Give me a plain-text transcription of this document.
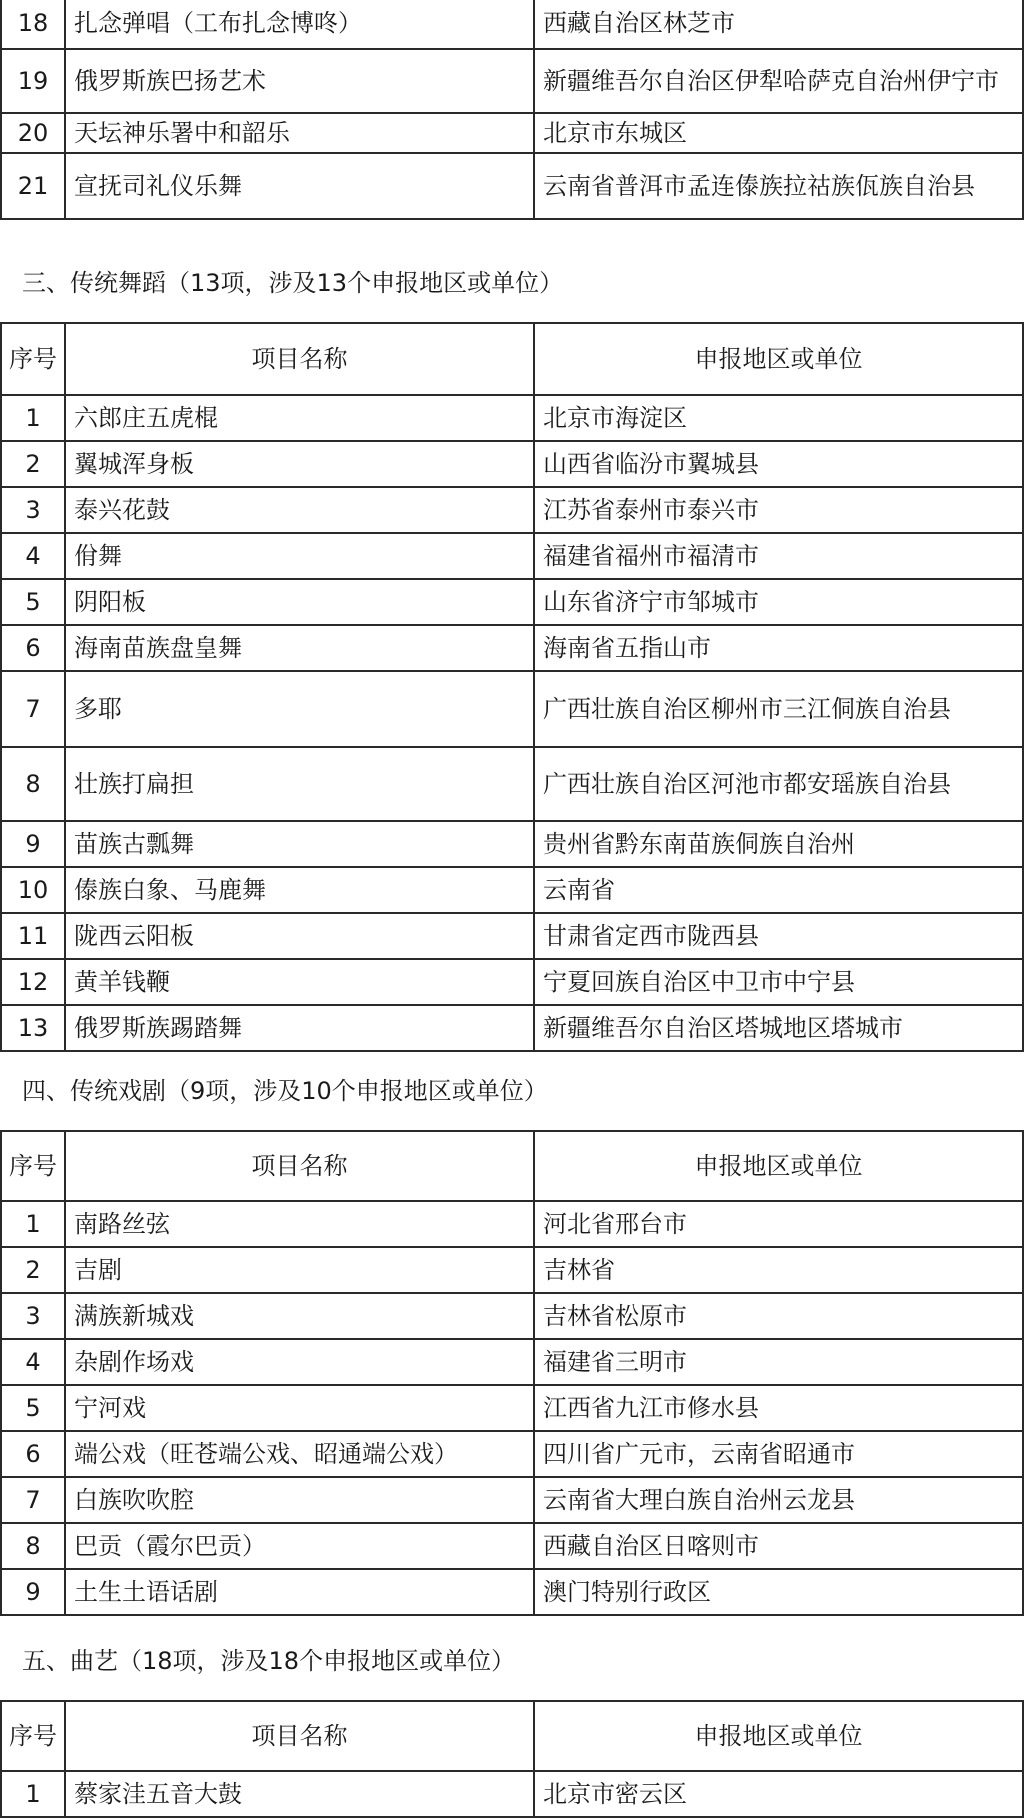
18	扎念弹唱（工布扎念博咚）	西藏自治区林芝市
19	俄罗斯族巴扬艺术	新疆维吾尔自治区伊犁哈萨克自治州伊宁市
20	天坛神乐署中和韶乐	北京市东城区
21	宣抚司礼仪乐舞	云南省普洱市孟连傣族拉祜族佤族自治县
三、传统舞蹈（13项，涉及13个申报地区或单位）
序号	项目名称	申报地区或单位
1	六郎庄五虎棍	北京市海淀区
2	翼城浑身板	山西省临汾市翼城县
3	泰兴花鼓	江苏省泰州市泰兴市
4	佾舞	福建省福州市福清市
5	阴阳板	山东省济宁市邹城市
6	海南苗族盘皇舞	海南省五指山市
7	多耶	广西壮族自治区柳州市三江侗族自治县
8	壮族打扁担	广西壮族自治区河池市都安瑶族自治县
9	苗族古瓢舞	贵州省黔东南苗族侗族自治州
10	傣族白象、马鹿舞	云南省
11	陇西云阳板	甘肃省定西市陇西县
12	黄羊钱鞭	宁夏回族自治区中卫市中宁县
13	俄罗斯族踢踏舞	新疆维吾尔自治区塔城地区塔城市
四、传统戏剧（9项，涉及10个申报地区或单位）
序号	项目名称	申报地区或单位
1	南路丝弦	河北省邢台市
2	吉剧	吉林省
3	满族新城戏	吉林省松原市
4	杂剧作场戏	福建省三明市
5	宁河戏	江西省九江市修水县
6	端公戏（旺苍端公戏、昭通端公戏）	四川省广元市，云南省昭通市
7	白族吹吹腔	云南省大理白族自治州云龙县
8	巴贡（霞尔巴贡）	西藏自治区日喀则市
9	土生土语话剧	澳门特别行政区
五、曲艺（18项，涉及18个申报地区或单位）
序号	项目名称	申报地区或单位
1	蔡家洼五音大鼓	北京市密云区
